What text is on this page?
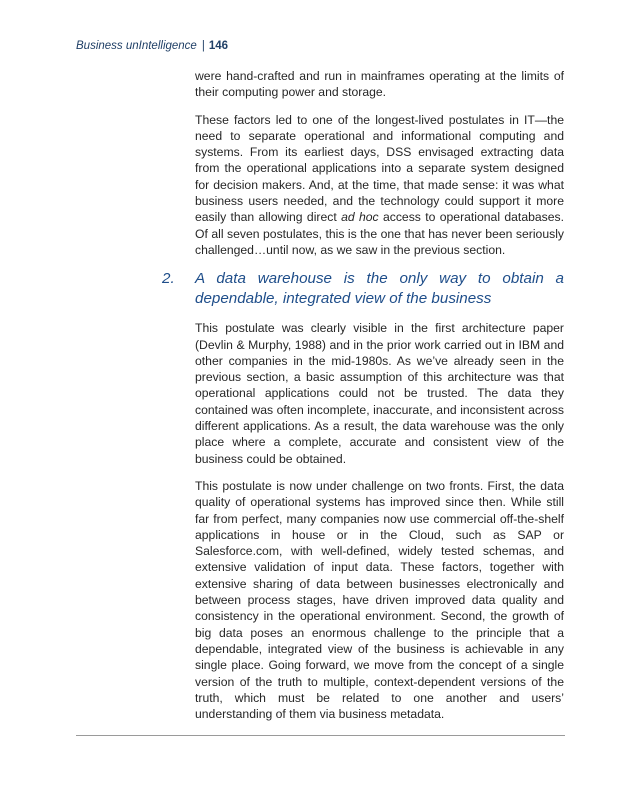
Business unIntelligence | 146

were hand-crafted and run in mainframes operating at the limits of their computing power and storage.

These factors led to one of the longest-lived postulates in IT—the need to separate operational and informational computing and systems. From its earliest days, DSS envisaged extracting data from the operational applications into a separate system designed for decision makers. And, at the time, that made sense: it was what business users needed, and the technology could support it more easily than allowing direct ad hoc access to operational databases. Of all seven postulates, this is the one that has never been seriously challenged…until now, as we saw in the previous section.

2. A data warehouse is the only way to obtain a dependable, integrated view of the business

This postulate was clearly visible in the first architecture paper (Devlin & Murphy, 1988) and in the prior work carried out in IBM and other companies in the mid-1980s. As we’ve already seen in the previous section, a basic assumption of this architecture was that operational applications could not be trusted. The data they contained was often incomplete, inaccurate, and inconsistent across different applications. As a result, the data warehouse was the only place where a complete, accurate and consistent view of the business could be obtained.

This postulate is now under challenge on two fronts. First, the data quality of operational systems has improved since then. While still far from perfect, many companies now use commercial off-the-shelf applications in house or in the Cloud, such as SAP or Salesforce.com, with well-defined, widely tested schemas, and extensive validation of input data. These factors, together with extensive sharing of data between businesses electronically and between process stages, have driven improved data quality and consistency in the operational environment. Second, the growth of big data poses an enormous challenge to the principle that a dependable, integrated view of the business is achievable in any single place. Going forward, we move from the concept of a single version of the truth to multiple, context-dependent versions of the truth, which must be related to one another and users’ understanding of them via business metadata.
